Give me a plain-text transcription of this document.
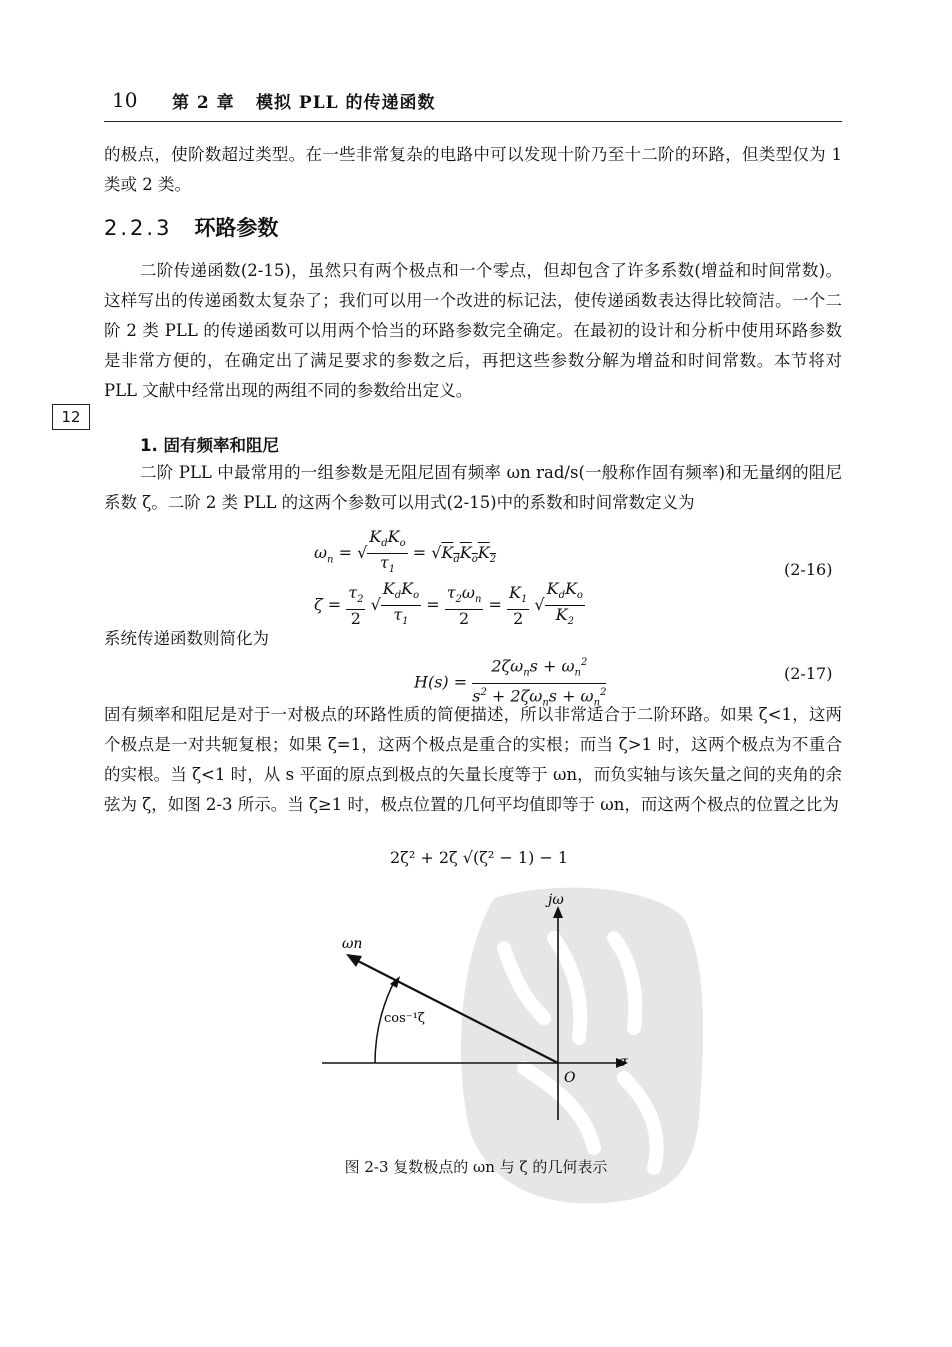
10 第 2 章 模拟 PLL 的传递函数

的极点，使阶数超过类型。在一些非常复杂的电路中可以发现十阶乃至十二阶的环路，但类型仅为 1 类或 2 类。

2.2.3 环路参数

二阶传递函数(2-15)，虽然只有两个极点和一个零点，但却包含了许多系数(增益和时间常数)。这样写出的传递函数太复杂了；我们可以用一个改进的标记法，使传递函数表达得比较简洁。一个二阶 2 类 PLL 的传递函数可以用两个恰当的环路参数完全确定。在最初的设计和分析中使用环路参数是非常方便的，在确定出了满足要求的参数之后，再把这些参数分解为增益和时间常数。本节将对 PLL 文献中经常出现的两组不同的参数给出定义。

12
1. 固有频率和阻尼

二阶 PLL 中最常用的一组参数是无阻尼固有频率 ωn rad/s(一般称作固有频率)和无量纲的阻尼系数 ζ。二阶 2 类 PLL 的这两个参数可以用式(2-15)中的系数和时间常数定义为

$\omega_n$ = √ $\frac{K_dK_o}{\tau_1} = √K_dK_oK_2$
(2-16)
$\zeta = \frac{\tau_2}{2}$ √ $\frac{K_dK_o}{\tau_1} = \frac{\tau_2\omega_n}{2} = \frac{K_1}{2}$ √ $\frac{K_dK_o}{K_2}$

系统传递函数则简化为

$H(s) = \frac{2\zeta\omega_ns + \omega_n^2}{s^2 + 2\zeta\omega_ns + \omega_n^2}$	(2-17)

固有频率和阻尼是对于一对极点的环路性质的简便描述，所以非常适合于二阶环路。如果 ζ<1，这两个极点是一对共轭复根；如果 ζ=1，这两个极点是重合的实根；而当 ζ>1 时，这两个极点为不重合的实根。当 ζ<1 时，从 s 平面的原点到极点的矢量长度等于 ωn，而负实轴与该矢量之间的夹角的余弦为 ζ，如图 2-3 所示。当 ζ≥1 时，极点位置的几何平均值即等于 ωn，而这两个极点的位置之比为

2ζ² + 2ζ √(ζ² − 1) − 1
jω
ωn
cos⁻¹ζ
O
σ
图 2-3 复数极点的 ωn 与 ζ 的几何表示
